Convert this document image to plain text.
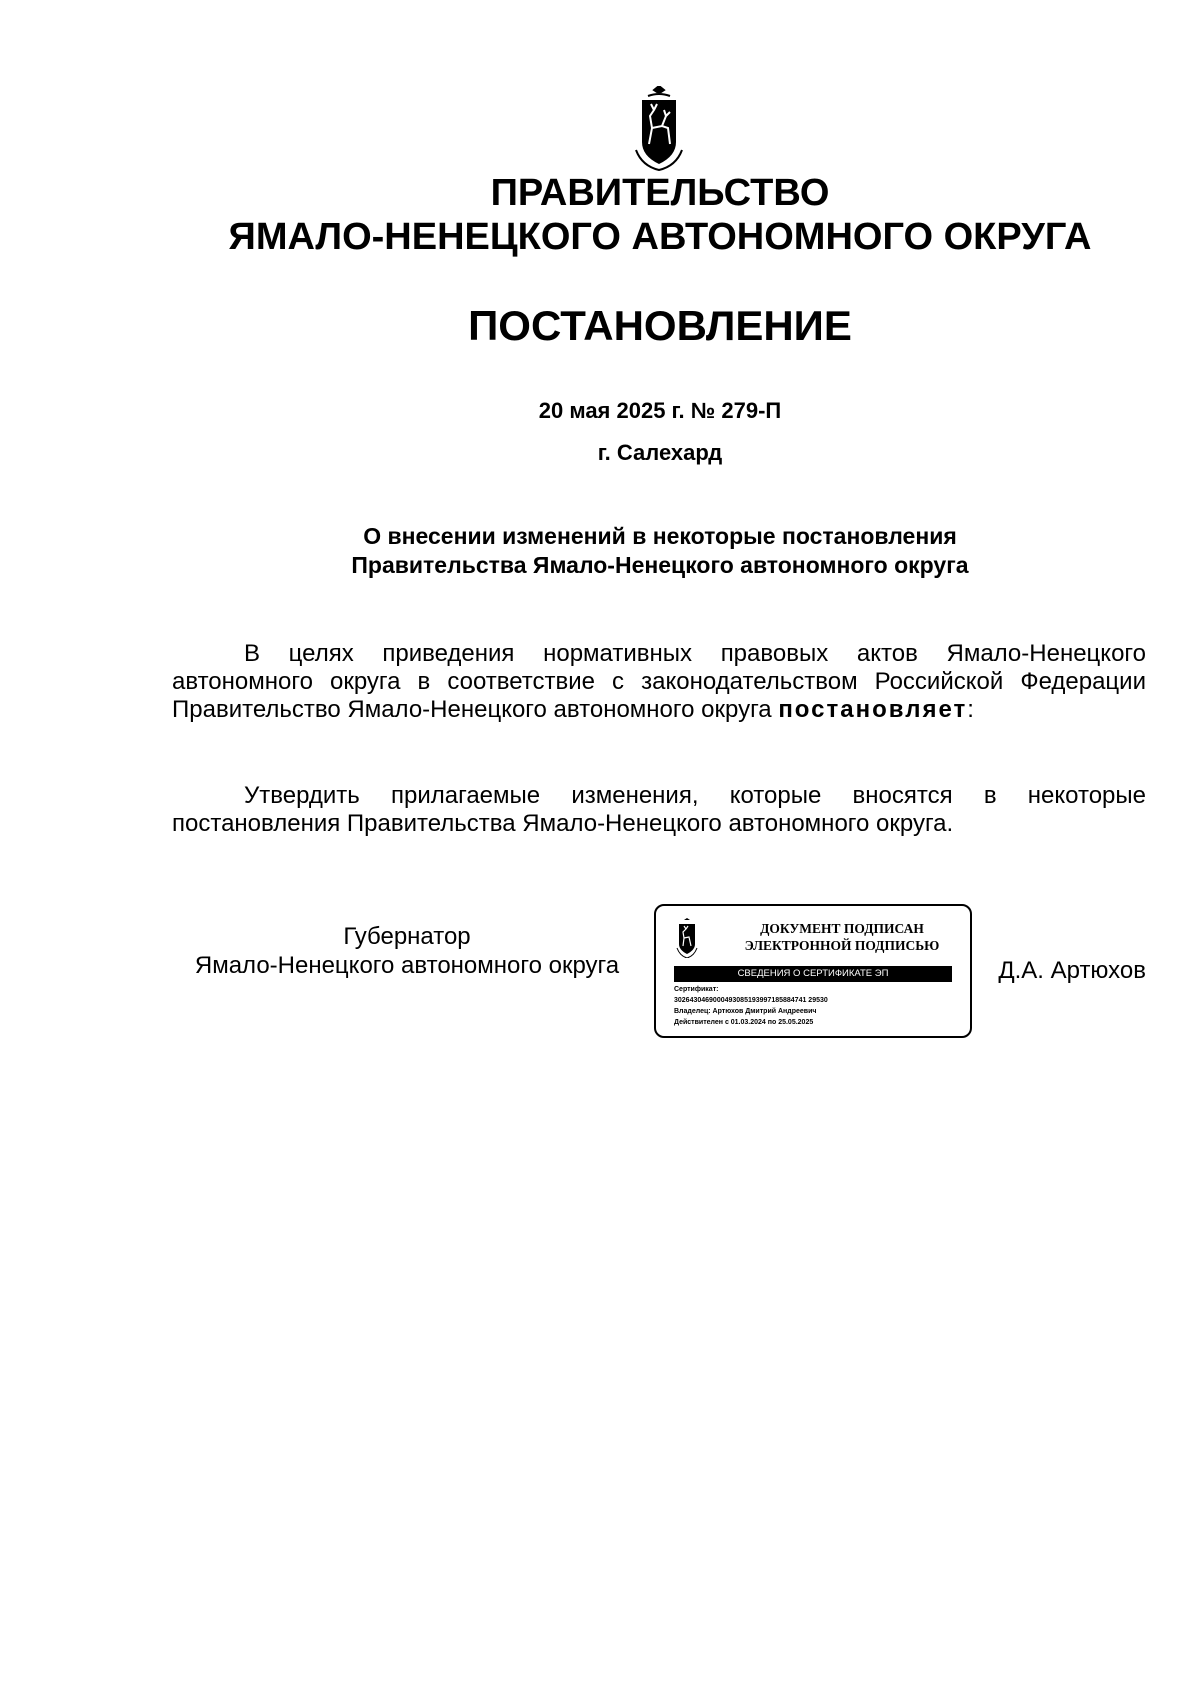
ПРАВИТЕЛЬСТВО
ЯМАЛО-НЕНЕЦКОГО АВТОНОМНОГО ОКРУГА
ПОСТАНОВЛЕНИЕ
20 мая 2025 г. № 279-П
г. Салехард
О внесении изменений в некоторые постановления
Правительства Ямало-Ненецкого автономного округа
В целях приведения нормативных правовых актов Ямало-Ненецкого автономного округа в соответствие с законодательством Российской Федерации Правительство Ямало-Ненецкого автономного округа постановляет:
Утвердить прилагаемые изменения, которые вносятся в некоторые постановления Правительства Ямало-Ненецкого автономного округа.
Губернатор
Ямало-Ненецкого автономного округа
ДОКУМЕНТ ПОДПИСАН
ЭЛЕКТРОННОЙ ПОДПИСЬЮ
СВЕДЕНИЯ О СЕРТИФИКАТЕ ЭП
Сертификат:
3026430469000493085193997185884741 29530
Владелец: Артюхов Дмитрий Андреевич
Действителен с 01.03.2024 по 25.05.2025
Д.А. Артюхов
